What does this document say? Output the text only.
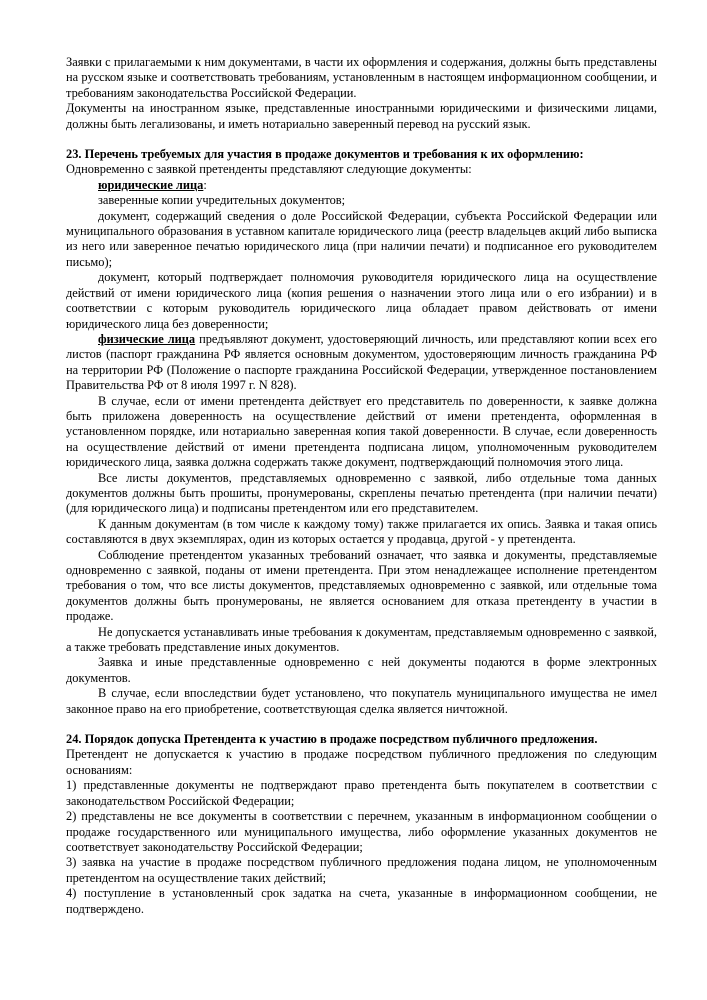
Заявки с прилагаемыми к ним документами, в части их оформления и содержания, должны быть представлены на русском языке и соответствовать требованиям, установленным в настоящем информационном сообщении, и требованиям законодательства Российской Федерации.

Документы на иностранном языке, представленные иностранными юридическими и физическими лицами, должны быть легализованы, и иметь нотариально заверенный перевод на русский язык.

23. Перечень требуемых для участия в продаже документов и требования к их оформлению:

Одновременно с заявкой претенденты представляют следующие документы:

юридические лица:

заверенные копии учредительных документов;

документ, содержащий сведения о доле Российской Федерации, субъекта Российской Федерации или муниципального образования в уставном капитале юридического лица (реестр владельцев акций либо выписка из него или заверенное печатью юридического лица (при наличии печати) и подписанное его руководителем письмо);

документ, который подтверждает полномочия руководителя юридического лица на осуществление действий от имени юридического лица (копия решения о назначении этого лица или о его избрании) и в соответствии с которым руководитель юридического лица обладает правом действовать от имени юридического лица без доверенности;

физические лица предъявляют документ, удостоверяющий личность, или представляют копии всех его листов (паспорт гражданина РФ является основным документом, удостоверяющим личность гражданина РФ на территории РФ (Положение о паспорте гражданина Российской Федерации, утвержденное постановлением Правительства РФ от 8 июля 1997 г. N 828).

В случае, если от имени претендента действует его представитель по доверенности, к заявке должна быть приложена доверенность на осуществление действий от имени претендента, оформленная в установленном порядке, или нотариально заверенная копия такой доверенности. В случае, если доверенность на осуществление действий от имени претендента подписана лицом, уполномоченным руководителем юридического лица, заявка должна содержать также документ, подтверждающий полномочия этого лица.

Все листы документов, представляемых одновременно с заявкой, либо отдельные тома данных документов должны быть прошиты, пронумерованы, скреплены печатью претендента (при наличии печати) (для юридического лица) и подписаны претендентом или его представителем.

К данным документам (в том числе к каждому тому) также прилагается их опись. Заявка и такая опись составляются в двух экземплярах, один из которых остается у продавца, другой - у претендента.

Соблюдение претендентом указанных требований означает, что заявка и документы, представляемые одновременно с заявкой, поданы от имени претендента. При этом ненадлежащее исполнение претендентом требования о том, что все листы документов, представляемых одновременно с заявкой, или отдельные тома документов должны быть пронумерованы, не является основанием для отказа претенденту в участии в продаже.

Не допускается устанавливать иные требования к документам, представляемым одновременно с заявкой, а также требовать представление иных документов.

Заявка и иные представленные одновременно с ней документы подаются в форме электронных документов.

В случае, если впоследствии будет установлено, что покупатель муниципального имущества не имел законное право на его приобретение, соответствующая сделка является ничтожной.

24. Порядок допуска Претендента к участию в продаже посредством публичного предложения.

Претендент не допускается к участию в продаже посредством публичного предложения по следующим основаниям:

1) представленные документы не подтверждают право претендента быть покупателем в соответствии с законодательством Российской Федерации;

2) представлены не все документы в соответствии с перечнем, указанным в информационном сообщении о продаже государственного или муниципального имущества, либо оформление указанных документов не соответствует законодательству Российской Федерации;

3) заявка на участие в продаже посредством публичного предложения подана лицом, не уполномоченным претендентом на осуществление таких действий;

4) поступление в установленный срок задатка на счета, указанные в информационном сообщении, не подтверждено.
